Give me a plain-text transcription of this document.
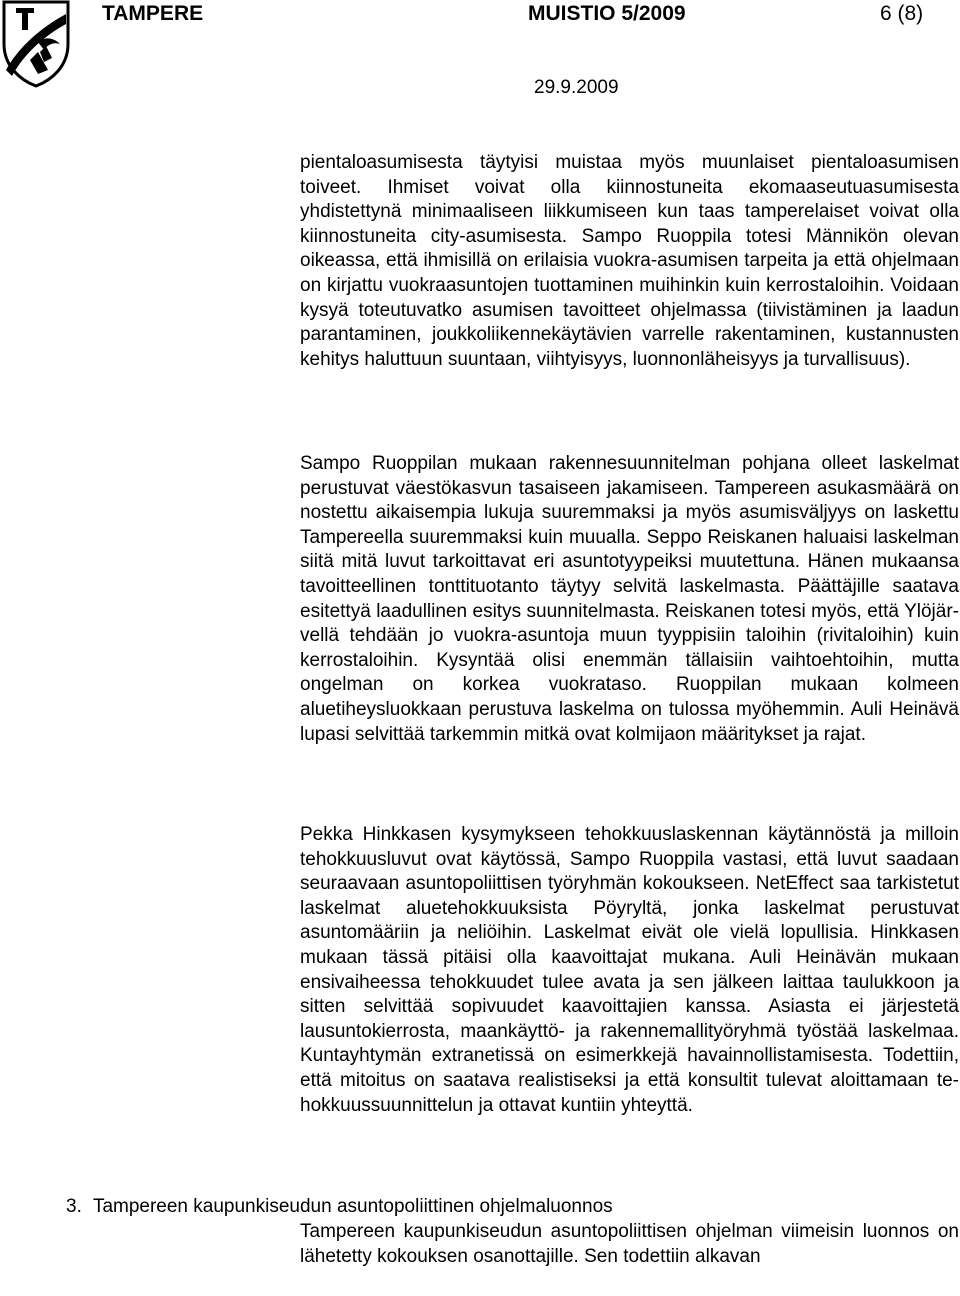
TAMPERE	MUISTIO 5/2009	6 (8)
29.9.2009

pientaloasumisesta täytyisi muistaa myös muunlaiset pientaloasumisen toiveet. Ihmiset voivat olla kiinnostuneita ekomaaseutuasumisesta yhdistettynä minimaaliseen liikkumiseen kun taas tamperelaiset voivat olla kiinnostuneita city-asumisesta. Sampo Ruoppila totesi Männikön olevan oikeassa, että ihmisillä on erilaisia vuokra-asumisen tarpeita ja että ohjelmaan on kirjattu vuokraasuntojen tuottaminen muihinkin kuin kerrostaloihin. Voidaan kysyä toteutuvatko asumisen tavoitteet ohjelmassa (tiivistäminen ja laadun parantaminen, joukkoliikennekäytävien varrelle rakentaminen, kustannusten kehitys haluttuun suuntaan, viihtyisyys, luonnonläheisyys ja turvallisuus).

Sampo Ruoppilan mukaan rakennesuunnitelman pohjana olleet laskelmat perustuvat väestökasvun tasaiseen jakamiseen. Tampereen asukasmäärä on nostettu aikaisempia lukuja suuremmaksi ja myös asumisväljyys on laskettu Tampereella suuremmaksi kuin muualla. Seppo Reiskanen haluaisi laskelman siitä mitä luvut tarkoittavat eri asuntotyypeiksi muutettuna. Hänen mukaansa tavoitteellinen tonttituotanto täytyy selvitä laskelmasta. Päättäjille saatava esitettyä laadullinen esitys suunnitelmasta. Reiskanen totesi myös, että Ylöjärvellä tehdään jo vuokra-asuntoja muun tyyppisiin taloihin (rivitaloihin) kuin kerrostaloihin. Kysyntää olisi enemmän tällaisiin vaihtoehtoihin, mutta ongelman on korkea vuokrataso. Ruoppilan mukaan kolmeen aluetiheysluokkaan perustuva laskelma on tulossa myöhemmin. Auli Heinävä lupasi selvittää tarkemmin mitkä ovat kolmijaon määritykset ja rajat.

Pekka Hinkkasen kysymykseen tehokkuuslaskennan käytännöstä ja milloin tehokkuusluvut ovat käytössä, Sampo Ruoppila vastasi, että luvut saadaan seuraavaan asuntopoliittisen työryhmän kokoukseen. NetEffect saa tarkistetut laskelmat aluetehokkuuksista Pöyryltä, jonka laskelmat perustuvat asuntomääriin ja neliöihin. Laskelmat eivät ole vielä lopullisia. Hinkkasen mukaan tässä pitäisi olla kaavoittajat mukana. Auli Heinävän mukaan ensivaiheessa tehokkuudet tulee avata ja sen jälkeen laittaa taulukkoon ja sitten selvittää sopivuudet kaavoittajien kanssa. Asiasta ei järjestetä lausuntokierrosta, maankäyttö- ja rakennemallityöryhmä työstää laskelmaa. Kuntayhtymän extranetissä on esimerkkejä havainnollistamisesta. Todettiin, että mitoitus on saatava realistiseksi ja että konsultit tulevat aloittamaan tehokkuussuunnittelun ja ottavat kuntiin yhteyttä.

3. Tampereen kaupunkiseudun asuntopoliittinen ohjelmaluonnos

Tampereen kaupunkiseudun asuntopoliittisen ohjelman viimeisin luonnos on lähetetty kokouksen osanottajille. Sen todettiin alkavan
